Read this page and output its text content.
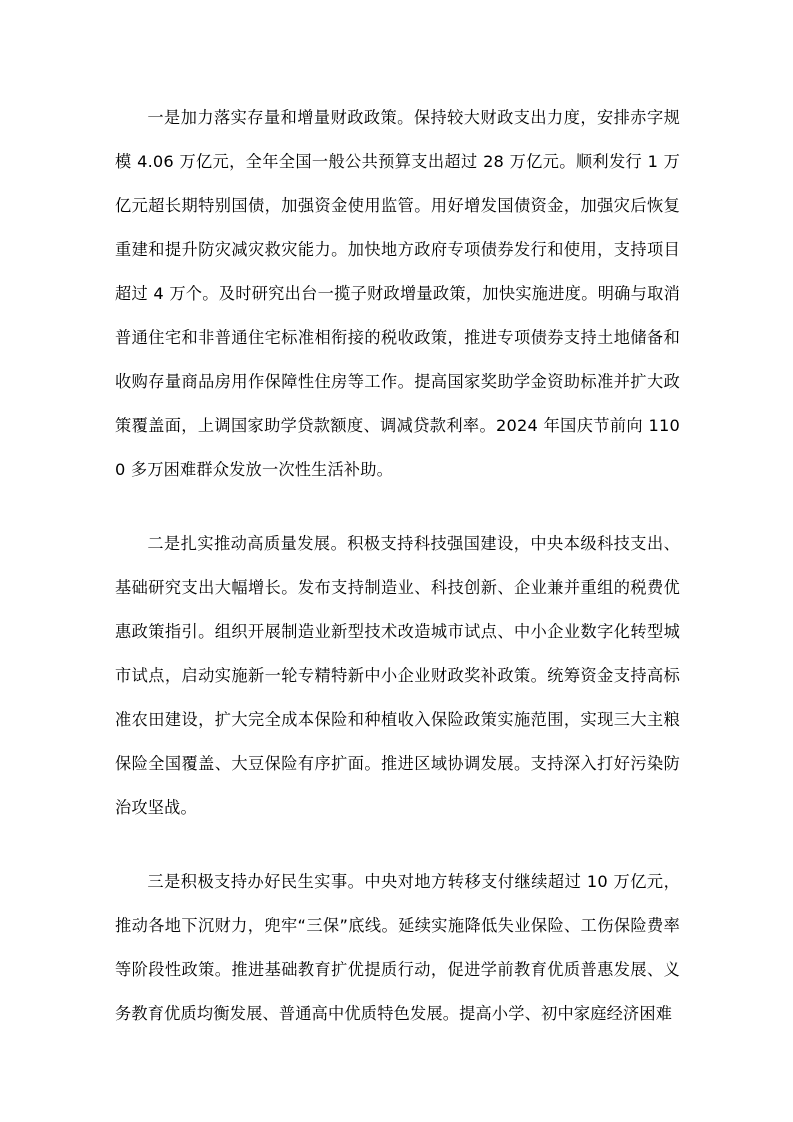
一是加力落实存量和增量财政政策。保持较大财政支出力度，安排赤字规模 4.06 万亿元，全年全国一般公共预算支出超过 28 万亿元。顺利发行 1 万亿元超长期特别国债，加强资金使用监管。用好增发国债资金，加强灾后恢复重建和提升防灾减灾救灾能力。加快地方政府专项债券发行和使用，支持项目超过 4 万个。及时研究出台一揽子财政增量政策，加快实施进度。明确与取消普通住宅和非普通住宅标准相衔接的税收政策，推进专项债券支持土地储备和收购存量商品房用作保障性住房等工作。提高国家奖助学金资助标准并扩大政策覆盖面，上调国家助学贷款额度、调减贷款利率。2024 年国庆节前向 1100 多万困难群众发放一次性生活补助。

二是扎实推动高质量发展。积极支持科技强国建设，中央本级科技支出、基础研究支出大幅增长。发布支持制造业、科技创新、企业兼并重组的税费优惠政策指引。组织开展制造业新型技术改造城市试点、中小企业数字化转型城市试点，启动实施新一轮专精特新中小企业财政奖补政策。统筹资金支持高标准农田建设，扩大完全成本保险和种植收入保险政策实施范围，实现三大主粮保险全国覆盖、大豆保险有序扩面。推进区域协调发展。支持深入打好污染防治攻坚战。

三是积极支持办好民生实事。中央对地方转移支付继续超过 10 万亿元，推动各地下沉财力，兜牢“三保”底线。延续实施降低失业保险、工伤保险费率等阶段性政策。推进基础教育扩优提质行动，促进学前教育优质普惠发展、义务教育优质均衡发展、普通高中优质特色发展。提高小学、初中家庭经济困难
